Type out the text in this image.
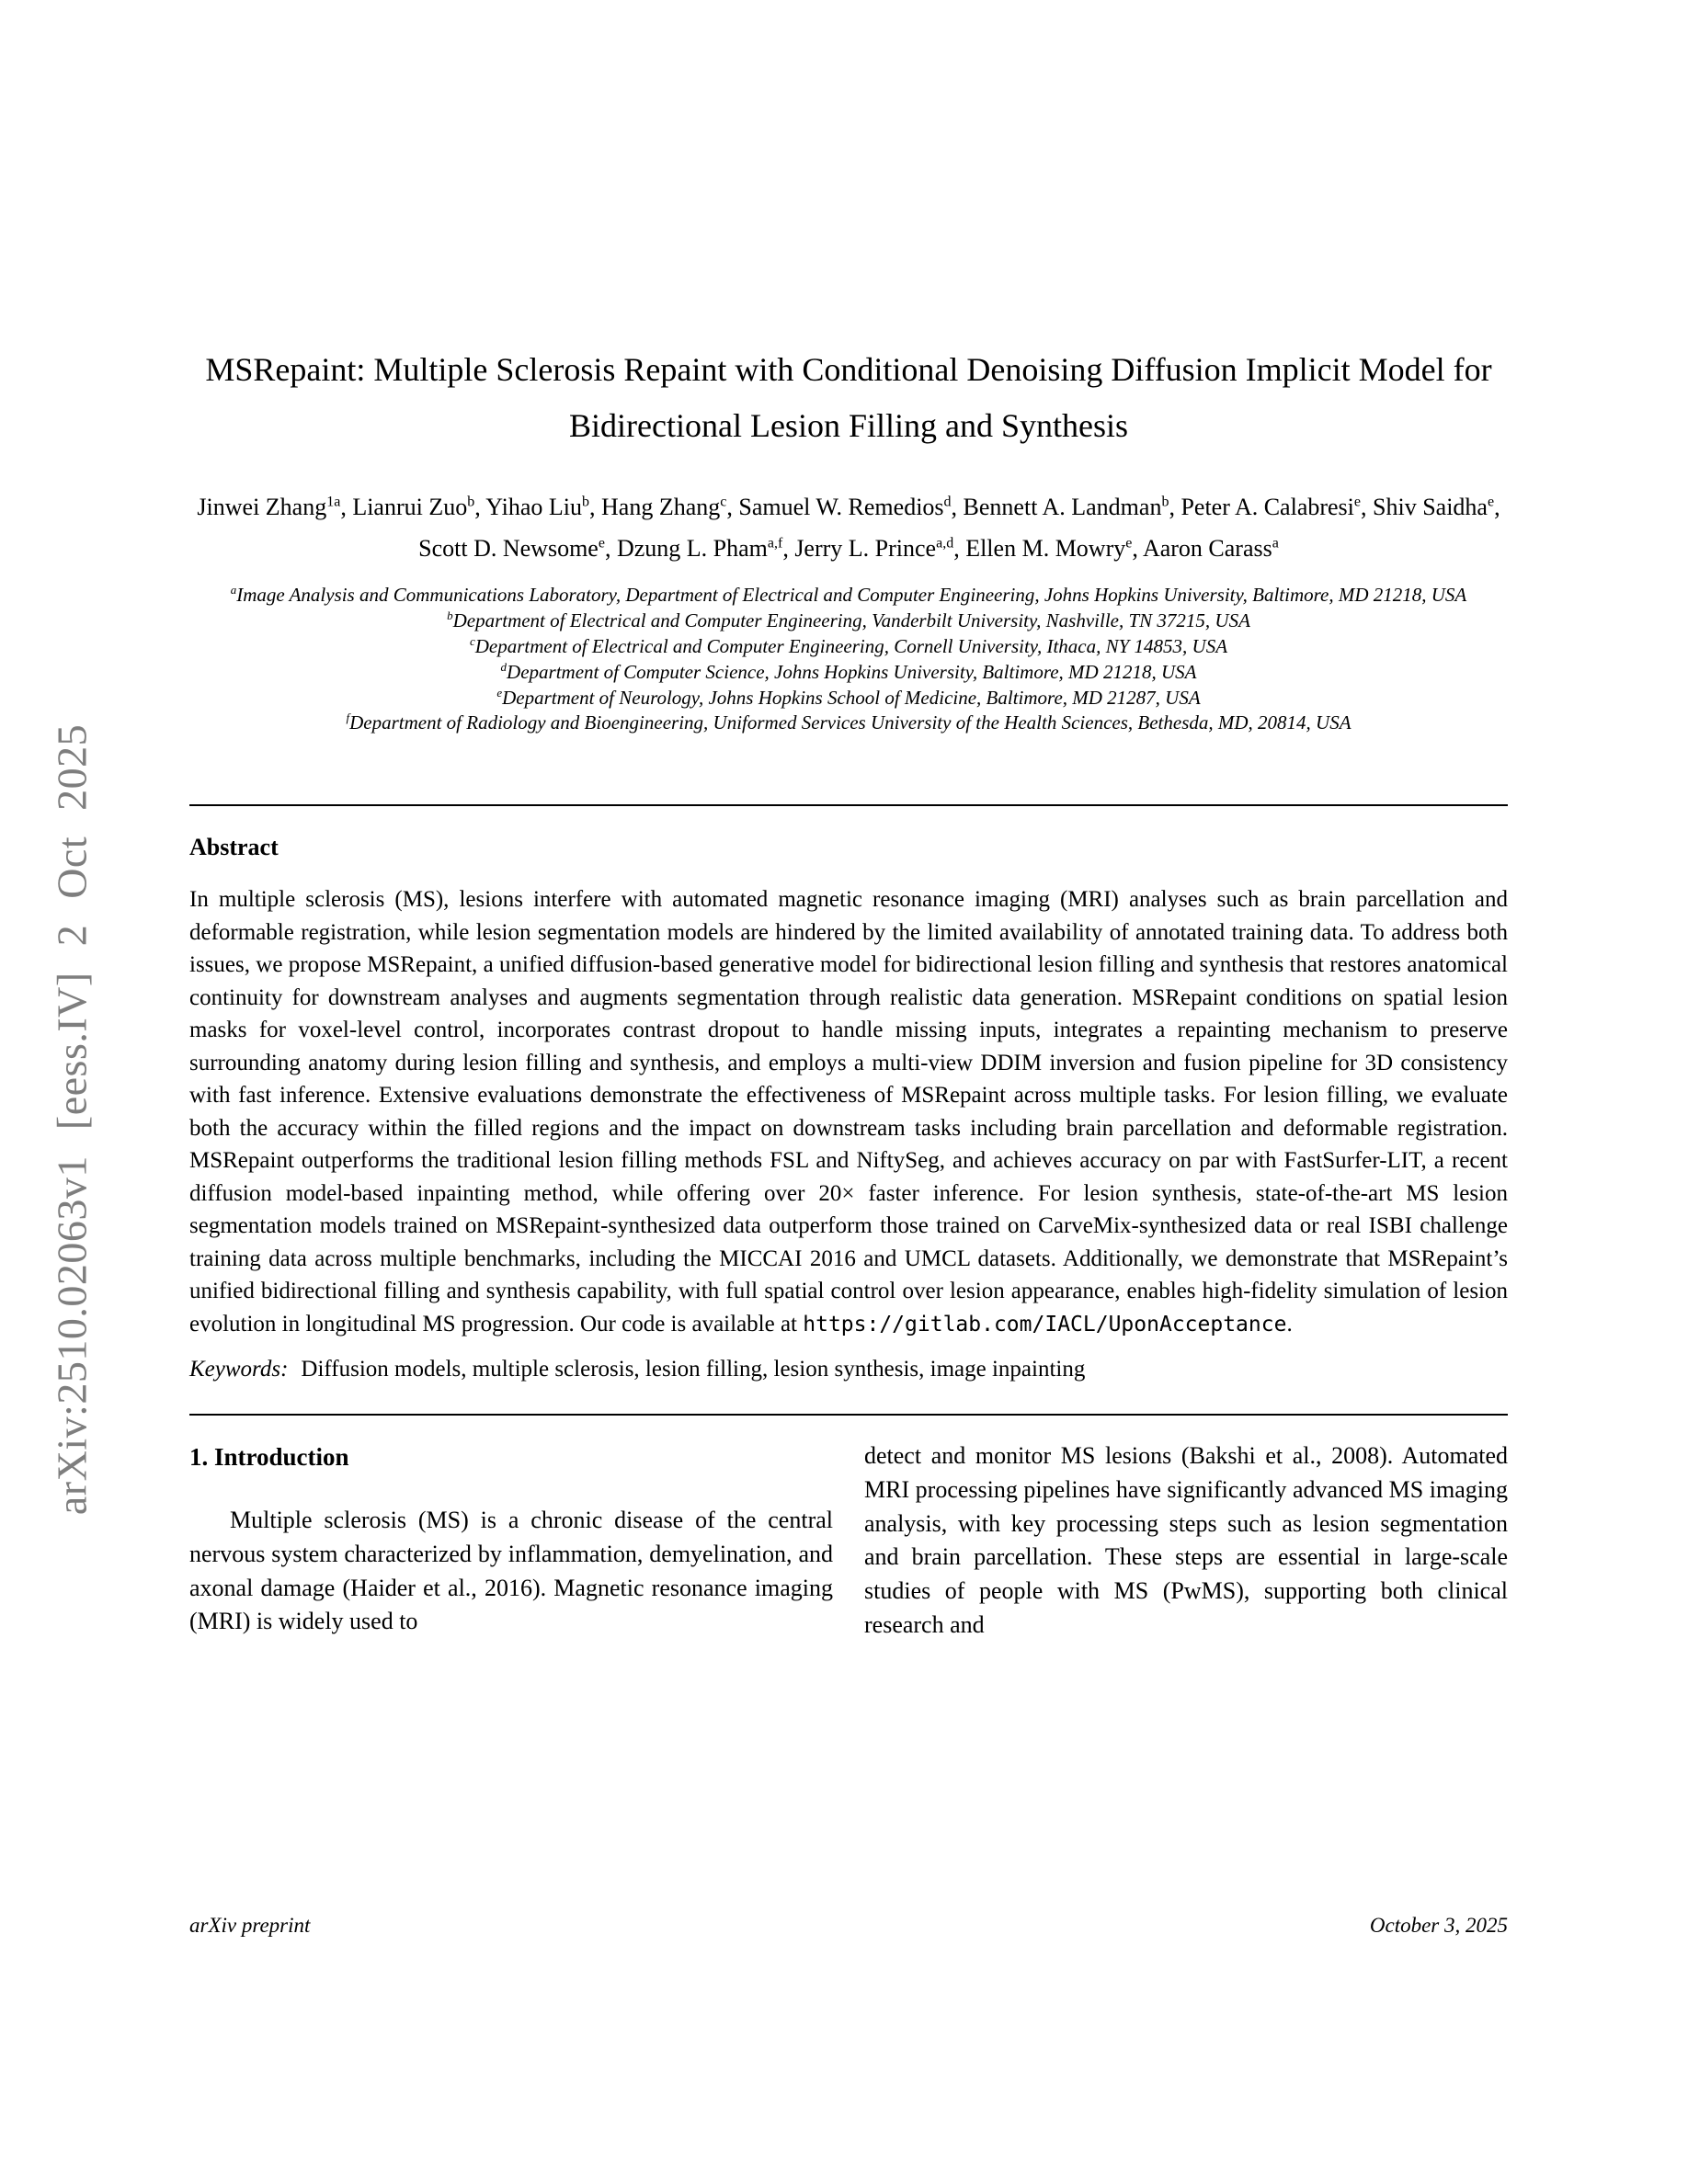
arXiv:2510.02063v1 [eess.IV] 2 Oct 2025
MSRepaint: Multiple Sclerosis Repaint with Conditional Denoising Diffusion Implicit Model for Bidirectional Lesion Filling and Synthesis
Jinwei Zhang$^{1a}$, Lianrui Zuo$^b$, Yihao Liu$^b$, Hang Zhang$^c$, Samuel W. Remedios$^d$, Bennett A. Landman$^b$, Peter A. Calabresi$^e$, Shiv Saidha$^e$, Scott D. Newsome$^e$, Dzung L. Pham$^{a,f}$, Jerry L. Prince$^{a,d}$, Ellen M. Mowry$^e$, Aaron Carass$^a$
$^a$Image Analysis and Communications Laboratory, Department of Electrical and Computer Engineering, Johns Hopkins University, Baltimore, MD 21218, USA
$^b$Department of Electrical and Computer Engineering, Vanderbilt University, Nashville, TN 37215, USA
$^c$Department of Electrical and Computer Engineering, Cornell University, Ithaca, NY 14853, USA
$^d$Department of Computer Science, Johns Hopkins University, Baltimore, MD 21218, USA
$^e$Department of Neurology, Johns Hopkins School of Medicine, Baltimore, MD 21287, USA
$^f$Department of Radiology and Bioengineering, Uniformed Services University of the Health Sciences, Bethesda, MD, 20814, USA
Abstract

In multiple sclerosis (MS), lesions interfere with automated magnetic resonance imaging (MRI) analyses such as brain parcellation and deformable registration, while lesion segmentation models are hindered by the limited availability of annotated training data. To address both issues, we propose MSRepaint, a unified diffusion-based generative model for bidirectional lesion filling and synthesis that restores anatomical continuity for downstream analyses and augments segmentation through realistic data generation. MSRepaint conditions on spatial lesion masks for voxel-level control, incorporates contrast dropout to handle missing inputs, integrates a repainting mechanism to preserve surrounding anatomy during lesion filling and synthesis, and employs a multi-view DDIM inversion and fusion pipeline for 3D consistency with fast inference. Extensive evaluations demonstrate the effectiveness of MSRepaint across multiple tasks. For lesion filling, we evaluate both the accuracy within the filled regions and the impact on downstream tasks including brain parcellation and deformable registration. MSRepaint outperforms the traditional lesion filling methods FSL and NiftySeg, and achieves accuracy on par with FastSurfer-LIT, a recent diffusion model-based inpainting method, while offering over 20× faster inference. For lesion synthesis, state-of-the-art MS lesion segmentation models trained on MSRepaint-synthesized data outperform those trained on CarveMix-synthesized data or real ISBI challenge training data across multiple benchmarks, including the MICCAI 2016 and UMCL datasets. Additionally, we demonstrate that MSRepaint’s unified bidirectional filling and synthesis capability, with full spatial control over lesion appearance, enables high-fidelity simulation of lesion evolution in longitudinal MS progression. Our code is available at https://gitlab.com/IACL/UponAcceptance.

Keywords: Diffusion models, multiple sclerosis, lesion filling, lesion synthesis, image inpainting

1. Introduction

Multiple sclerosis (MS) is a chronic disease of the central nervous system characterized by inflammation, demyelination, and axonal damage (Haider et al., 2016). Magnetic resonance imaging (MRI) is widely used to

detect and monitor MS lesions (Bakshi et al., 2008). Automated MRI processing pipelines have significantly advanced MS imaging analysis, with key processing steps such as lesion segmentation and brain parcellation. These steps are essential in large-scale studies of people with MS (PwMS), supporting both clinical research and

arXiv preprint	October 3, 2025
